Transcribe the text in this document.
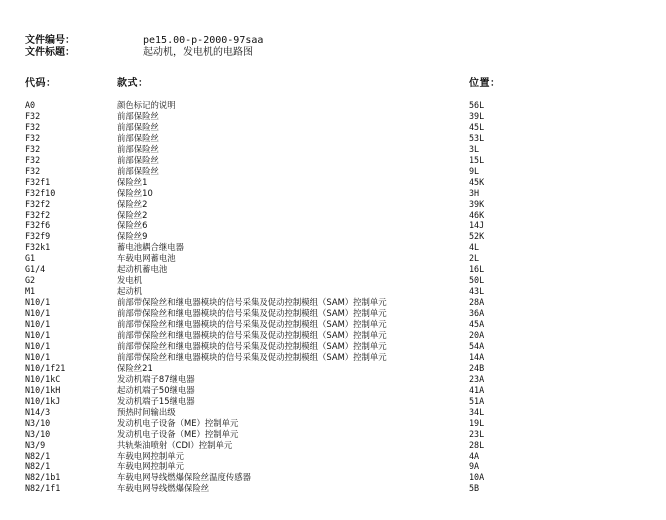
文件编号：	pe15.00-p-2000-97saa
文件标题：	起动机，发电机的电路图
代码：	款式：	位置：
A0	颜色标记的说明	56L
F32	前部保险丝	39L
F32	前部保险丝	45L
F32	前部保险丝	53L
F32	前部保险丝	3L
F32	前部保险丝	15L
F32	前部保险丝	9L
F32f1	保险丝1	45K
F32f10	保险丝10	3H
F32f2	保险丝2	39K
F32f2	保险丝2	46K
F32f6	保险丝6	14J
F32f9	保险丝9	52K
F32k1	蓄电池耦合继电器	4L
G1	车载电网蓄电池	2L
G1/4	起动机蓄电池	16L
G2	发电机	50L
M1	起动机	43L
N10/1	前部带保险丝和继电器模块的信号采集及促动控制模组（SAM）控制单元	28A
N10/1	前部带保险丝和继电器模块的信号采集及促动控制模组（SAM）控制单元	36A
N10/1	前部带保险丝和继电器模块的信号采集及促动控制模组（SAM）控制单元	45A
N10/1	前部带保险丝和继电器模块的信号采集及促动控制模组（SAM）控制单元	20A
N10/1	前部带保险丝和继电器模块的信号采集及促动控制模组（SAM）控制单元	54A
N10/1	前部带保险丝和继电器模块的信号采集及促动控制模组（SAM）控制单元	14A
N10/1f21	保险丝21	24B
N10/1kC	发动机端子87继电器	23A
N10/1kH	起动机端子50继电器	41A
N10/1kJ	发动机端子15继电器	51A
N14/3	预热时间输出级	34L
N3/10	发动机电子设备（ME）控制单元	19L
N3/10	发动机电子设备（ME）控制单元	23L
N3/9	共轨柴油喷射（CDI）控制单元	28L
N82/1	车载电网控制单元	4A
N82/1	车载电网控制单元	9A
N82/1b1	车载电网导线燃爆保险丝温度传感器	10A
N82/1f1	车载电网导线燃爆保险丝	5B
